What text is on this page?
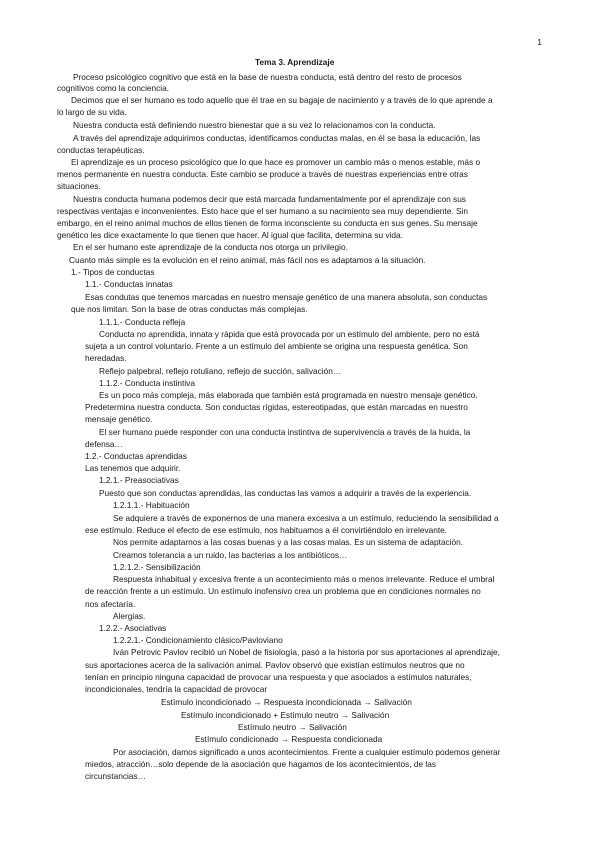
1
Tema 3. Aprendizaje
Proceso psicológico cognitivo que está en la base de nuestra conducta, está dentro del resto de procesos
cognitivos como la conciencia.
Decimos que el ser humano es todo aquello que él trae en su bagaje de nacimiento y a través de lo que aprende a
lo largo de su vida.
Nuestra conducta está definiendo nuestro bienestar que a su vez lo relacionamos con la conducta.
A través del aprendizaje adquirimos conductas, identificamos conductas malas, en él se basa la educación, las
conductas terapéuticas.
El aprendizaje es un proceso psicológico que lo que hace es promover un cambio más o menos estable, más o
menos permanente en nuestra conducta. Este cambio se produce a través de nuestras experiencias entre otras
situaciones.
Nuestra conducta humana podemos decir que está marcada fundamentalmente por el aprendizaje con sus
respectivas ventajas e inconvenientes. Esto hace que el ser humano a su nacimiento sea muy dependiente. Sin
embargo, en el reino animal muchos de ellos tienen de forma inconsciente su conducta en sus genes. Su mensaje
genético les dice exactamente lo que tienen que hacer. Al igual que facilita, determina su vida.
En el ser humano este aprendizaje de la conducta nos otorga un privilegio.
Cuanto más simple es la evolución en el reino animal, más fácil nos es adaptamos a la situación.
1.- Tipos de conductas
1.1.- Conductas innatas
Esas condutas que tenemos marcadas en nuestro mensaje genético de una manera absoluta, son conductas
que nos limitan. Son la base de otras conductas más complejas.
1.1.1.- Conducta refleja
Conducta no aprendida, innata y rápida que está provocada por un estímulo del ambiente, pero no está
sujeta a un control voluntario. Frente a un estímulo del ambiente se origina una respuesta genética. Son
heredadas.
Reflejo palpebral, reflejo rotuliano, reflejo de succión, salivación…
1.1.2.- Conducta instintiva
Es un poco más compleja, más elaborada que también está programada en nuestro mensaje genético.
Predetermina nuestra conducta. Son conductas rígidas, estereotipadas, que están marcadas en nuestro
mensaje genético.
El ser humano puede responder con una conducta instintiva de supervivencia a través de la huida, la
defensa…
1.2.- Conductas aprendidas
Las tenemos que adquirir.
1.2.1.- Preasociativas
Puesto que son conductas aprendidas, las conductas las vamos a adquirir a través de la experiencia.
1.2.1.1.- Habituación
Se adquiere a través de exponernos de una manera excesiva a un estímulo, reduciendo la sensibilidad a
ese estímulo. Reduce el efecto de ese estímulo, nos habituamos a él convirtiéndolo en irrelevante.
Nos permite adaptarnos a las cosas buenas y a las cosas malas. Es un sistema de adaptación.
Creamos tolerancia a un ruido, las bacterias a los antibióticos…
1.2.1.2.- Sensibilización
Respuesta inhabitual y excesiva frente a un acontecimiento más o menos irrelevante. Reduce el umbral
de reacción frente a un estímulo. Un estímulo inofensivo crea un problema que en condiciones normales no
nos afectaría.
Alergias.
1.2.2.- Asociativas
1.2.2.1.- Condicionamiento clásico/Pavloviano
Iván Petrovic Pavlov recibió un Nobel de fisiología, pasó a la historia por sus aportaciones al aprendizaje,
sus aportaciones acerca de la salivación animal. Pavlov observó que existían estímulos neutros que no
tenían en principio ninguna capacidad de provocar una respuesta y que asociados a estímulos naturales,
incondicionales, tendría la capacidad de provocar
Estímulo incondicionado → Respuesta incondicionada → Salivación
Estímulo incondicionado + Estímulo neutro → Salivación
Estímulo neutro → Salivación
Estímulo condicionado → Respuesta condicionada
Por asociación, damos significado a unos acontecimientos. Frente a cualquier estímulo podemos generar
miedos, atracción…solo depende de la asociación que hagamos de los acontecimientos, de las
circunstancias…
